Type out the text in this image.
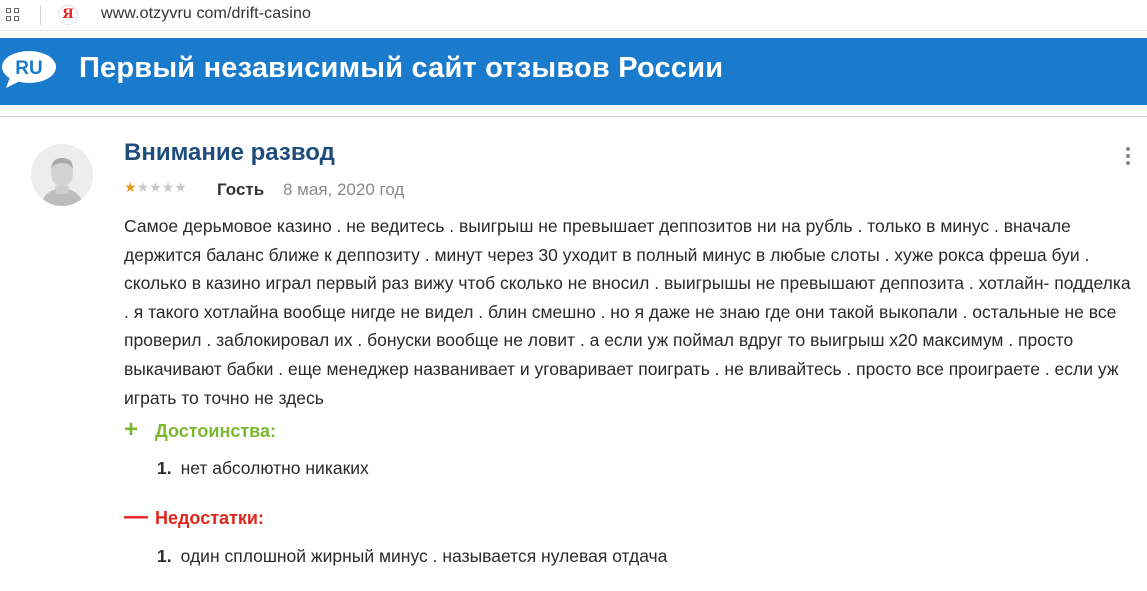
Я www.otzyvru com/drift-casino
RU Первый независимый сайт отзывов России
Внимание развод
★★★★★ Гость 8 мая, 2020 год
Самое дерьмовое казино . не ведитесь . выигрыш не превышает деппозитов ни на рубль . только в минус . вначале держится баланс ближе к деппозиту . минут через 30 уходит в полный минус в любые слоты . хуже рокса фреша буи . сколько в казино играл первый раз вижу чтоб сколько не вносил . выигрышы не превышают деппозита . хотлайн- подделка . я такого хотлайна вообще нигде не видел . блин смешно . но я даже не знаю где они такой выкопали . остальные не все проверил . заблокировал их . бонуски вообще не ловит . а если уж поймал вдруг то выигрыш х20 максимум . просто выкачивают бабки . еще менеджер названивает и уговаривает поиграть . не вливайтесь . просто все проиграете . если уж играть то точно не здесь
+ Достоинства:
1. нет абсолютно никаких
— Недостатки:
1. один сплошной жирный минус . называется нулевая отдача
